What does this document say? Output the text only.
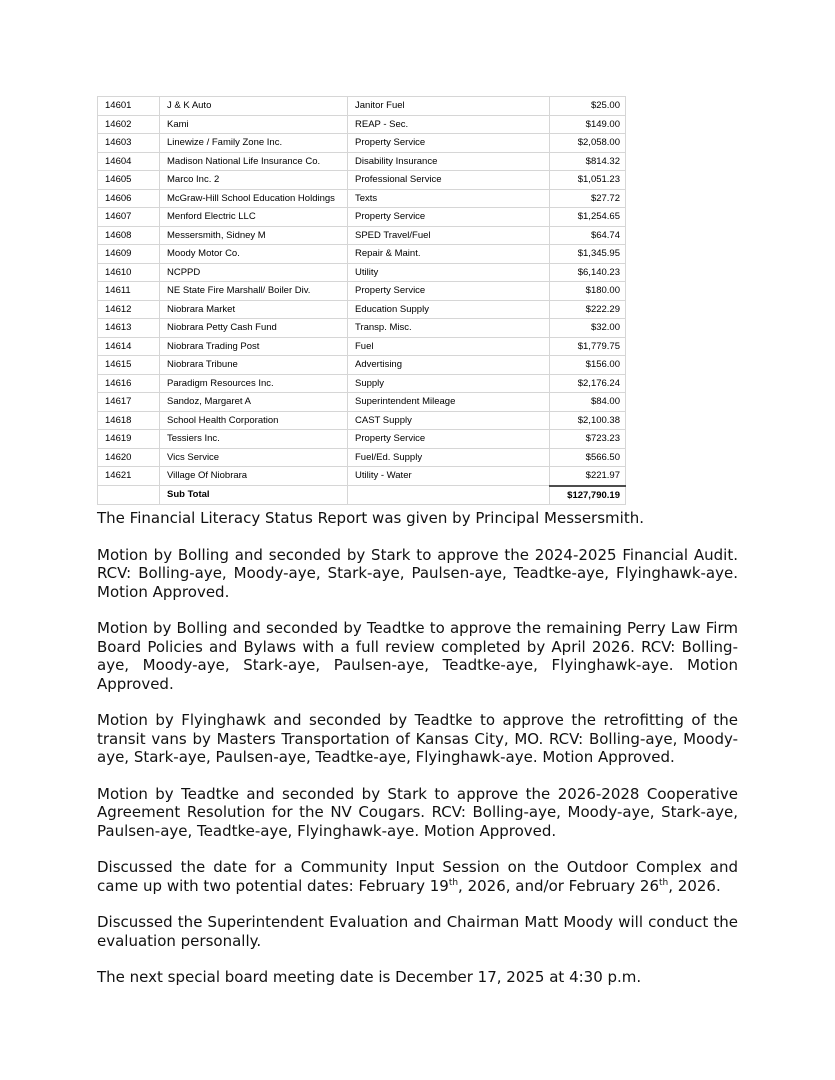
14601	J & K Auto	Janitor Fuel	$25.00
14602	Kami	REAP - Sec.	$149.00
14603	Linewize / Family Zone Inc.	Property Service	$2,058.00
14604	Madison National Life Insurance Co.	Disability Insurance	$814.32
14605	Marco Inc. 2	Professional Service	$1,051.23
14606	McGraw-Hill School Education Holdings	Texts	$27.72
14607	Menford Electric LLC	Property Service	$1,254.65
14608	Messersmith, Sidney M	SPED Travel/Fuel	$64.74
14609	Moody Motor Co.	Repair & Maint.	$1,345.95
14610	NCPPD	Utility	$6,140.23
14611	NE State Fire Marshall/ Boiler Div.	Property Service	$180.00
14612	Niobrara Market	Education Supply	$222.29
14613	Niobrara Petty Cash Fund	Transp. Misc.	$32.00
14614	Niobrara Trading Post	Fuel	$1,779.75
14615	Niobrara Tribune	Advertising	$156.00
14616	Paradigm Resources Inc.	Supply	$2,176.24
14617	Sandoz, Margaret A	Superintendent Mileage	$84.00
14618	School Health Corporation	CAST Supply	$2,100.38
14619	Tessiers Inc.	Property Service	$723.23
14620	Vics Service	Fuel/Ed. Supply	$566.50
14621	Village Of Niobrara	Utility - Water	$221.97
	Sub Total		$127,790.19

The Financial Literacy Status Report was given by Principal Messersmith.

Motion by Bolling and seconded by Stark to approve the 2024-2025 Financial Audit. RCV: Bolling-aye, Moody-aye, Stark-aye, Paulsen-aye, Teadtke-aye, Flyinghawk-aye. Motion Approved.

Motion by Bolling and seconded by Teadtke to approve the remaining Perry Law Firm Board Policies and Bylaws with a full review completed by April 2026. RCV: Bolling-aye, Moody-aye, Stark-aye, Paulsen-aye, Teadtke-aye, Flyinghawk-aye. Motion Approved.

Motion by Flyinghawk and seconded by Teadtke to approve the retrofitting of the transit vans by Masters Transportation of Kansas City, MO. RCV: Bolling-aye, Moody-aye, Stark-aye, Paulsen-aye, Teadtke-aye, Flyinghawk-aye. Motion Approved.

Motion by Teadtke and seconded by Stark to approve the 2026-2028 Cooperative Agreement Resolution for the NV Cougars. RCV: Bolling-aye, Moody-aye, Stark-aye, Paulsen-aye, Teadtke-aye, Flyinghawk-aye. Motion Approved.

Discussed the date for a Community Input Session on the Outdoor Complex and came up with two potential dates: February 19th, 2026, and/or February 26th, 2026.

Discussed the Superintendent Evaluation and Chairman Matt Moody will conduct the evaluation personally.

The next special board meeting date is December 17, 2025 at 4:30 p.m.
